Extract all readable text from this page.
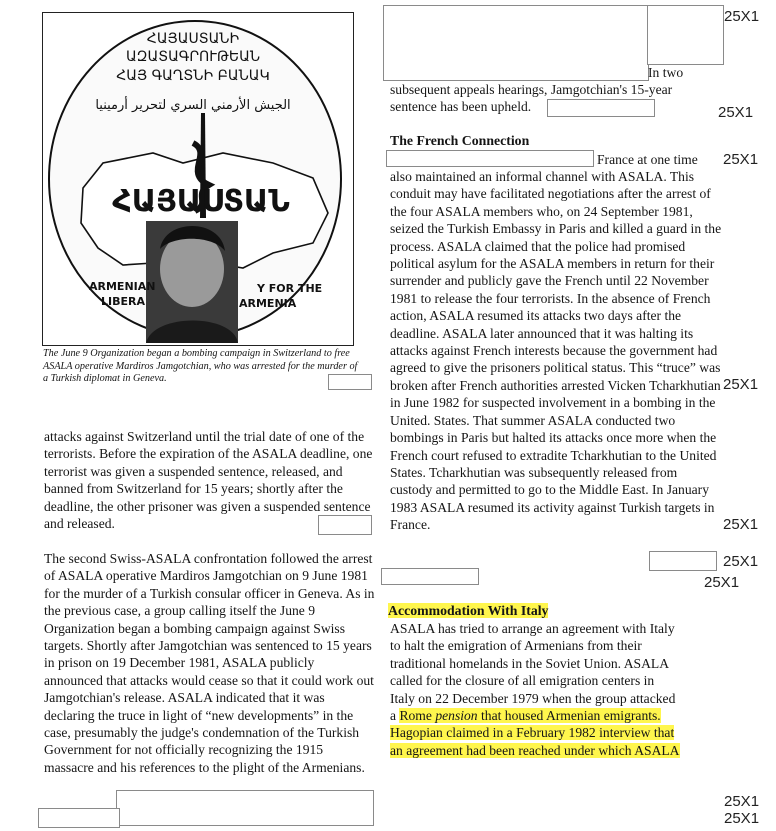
ՀԱՅԱՍՏԱՆԻ
ԱԶԱՏԱԳՐՈՒԹԵԱՆ
ՀԱՅ ԳԱՂՏՆԻ ԲԱՆԱԿ
الجيش الأرمني السري لتحرير أرمينيا
ՀԱՅԱՍՏԱՆ
ARMENIAN
LIBERA
Y FOR THE
ARMENIA
The June 9 Organization began a bombing campaign in Switzerland to free ASALA operative Mardiros Jamgotchian, who was arrested for the murder of a Turkish diplomat in Geneva.
attacks against Switzerland until the trial date of one of the terrorists. Before the expiration of the ASALA deadline, one terrorist was given a suspended sentence, released, and banned from Switzerland for 15 years; shortly after the deadline, the other prisoner was given a suspended sentence and released.
The second Swiss-ASALA confrontation followed the arrest of ASALA operative Mardiros Jamgotchian on 9 June 1981 for the murder of a Turkish consular officer in Geneva. As in the previous case, a group calling itself the June 9 Organization began a bombing campaign against Swiss targets. Shortly after Jamgotchian was sentenced to 15 years in prison on 19 December 1981, ASALA publicly announced that attacks would cease so that it could work out Jamgotchian's release. ASALA indicated that it was declaring the truce in light of “new developments” in the case, presumably the judge's condemnation of the Turkish Government for not officially recognizing the 1915 massacre and his references to the plight of the Armenians.
In two
subsequent appeals hearings, Jamgotchian's 15-year sentence has been upheld.
The French Connection
France at one time
also maintained an informal channel with ASALA. This conduit may have facilitated negotiations after the arrest of the four ASALA members who, on 24 September 1981, seized the Turkish Embassy in Paris and killed a guard in the process. ASALA claimed that the police had promised political asylum for the ASALA members in return for their surrender and publicly gave the French until 22 November 1981 to release the four terrorists. In the absence of French action, ASALA resumed its attacks two days after the deadline. ASALA later announced that it was halting its attacks against French interests because the government had agreed to give the prisoners political status. This “truce” was broken after French authorities arrested Vicken Tcharkhutian in June 1982 for suspected involvement in a bombing in the United. States. That summer ASALA conducted two bombings in Paris but halted its attacks once more when the French court refused to extradite Tcharkhutian to the United States. Tcharkhutian was subsequently released from custody and permitted to go to the Middle East. In January 1983 ASALA resumed its activity against Turkish targets in France.
Accommodation With Italy
ASALA has tried to arrange an agreement with Italy
to halt the emigration of Armenians from their
traditional homelands in the Soviet Union. ASALA
called for the closure of all emigration centers in
Italy on 22 December 1979 when the group attacked
a Rome pension that housed Armenian emigrants.
Hagopian claimed in a February 1982 interview that
an agreement had been reached under which ASALA
25X1
25X1
25X1
25X1
25X1
25X1
25X1
25X1
25X1
